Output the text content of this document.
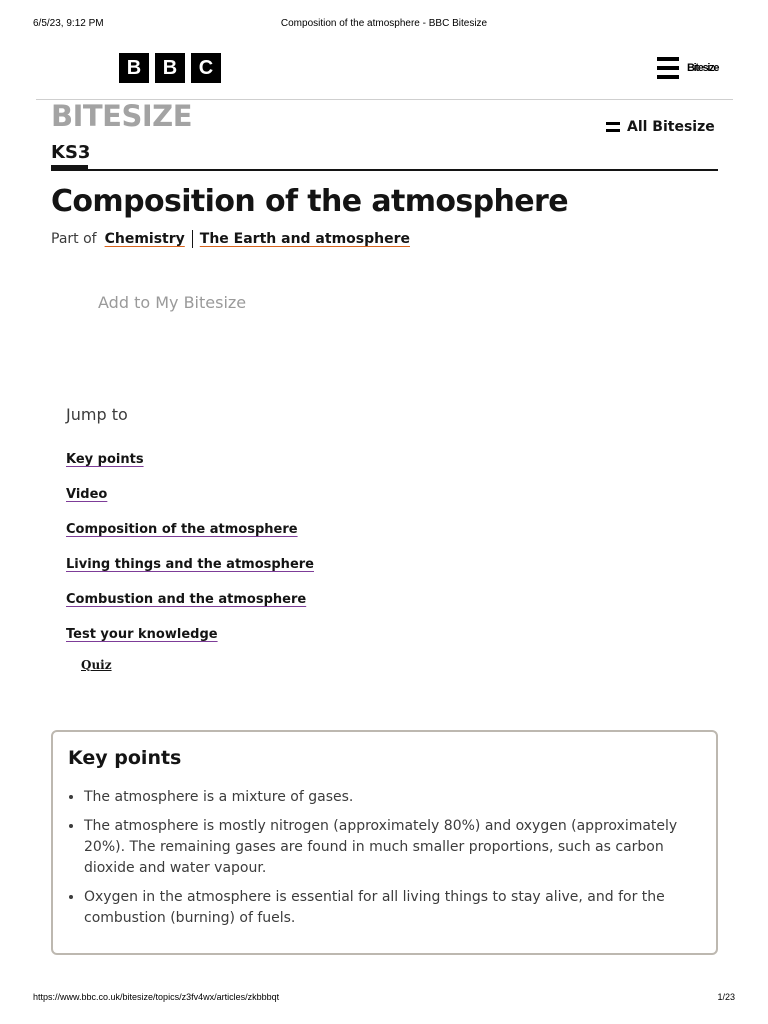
6/5/23, 9:12 PM	Composition of the atmosphere - BBC Bitesize
B	B	C	Bitesize
BITESIZE	All Bitesize
KS3
Composition of the atmosphere
Part of Chemistry The Earth and atmosphere
Add to My Bitesize
Jump to
Key points
Video
Composition of the atmosphere
Living things and the atmosphere
Combustion and the atmosphere
Test your knowledge
Quiz
Key points
• The atmosphere is a mixture of gases.
• The atmosphere is mostly nitrogen (approximately 80%) and oxygen (approximately 20%). The remaining gases are found in much smaller proportions, such as carbon dioxide and water vapour.
• Oxygen in the atmosphere is essential for all living things to stay alive, and for the combustion (burning) of fuels.
https://www.bbc.co.uk/bitesize/topics/z3fv4wx/articles/zkbbbqt	1/23
